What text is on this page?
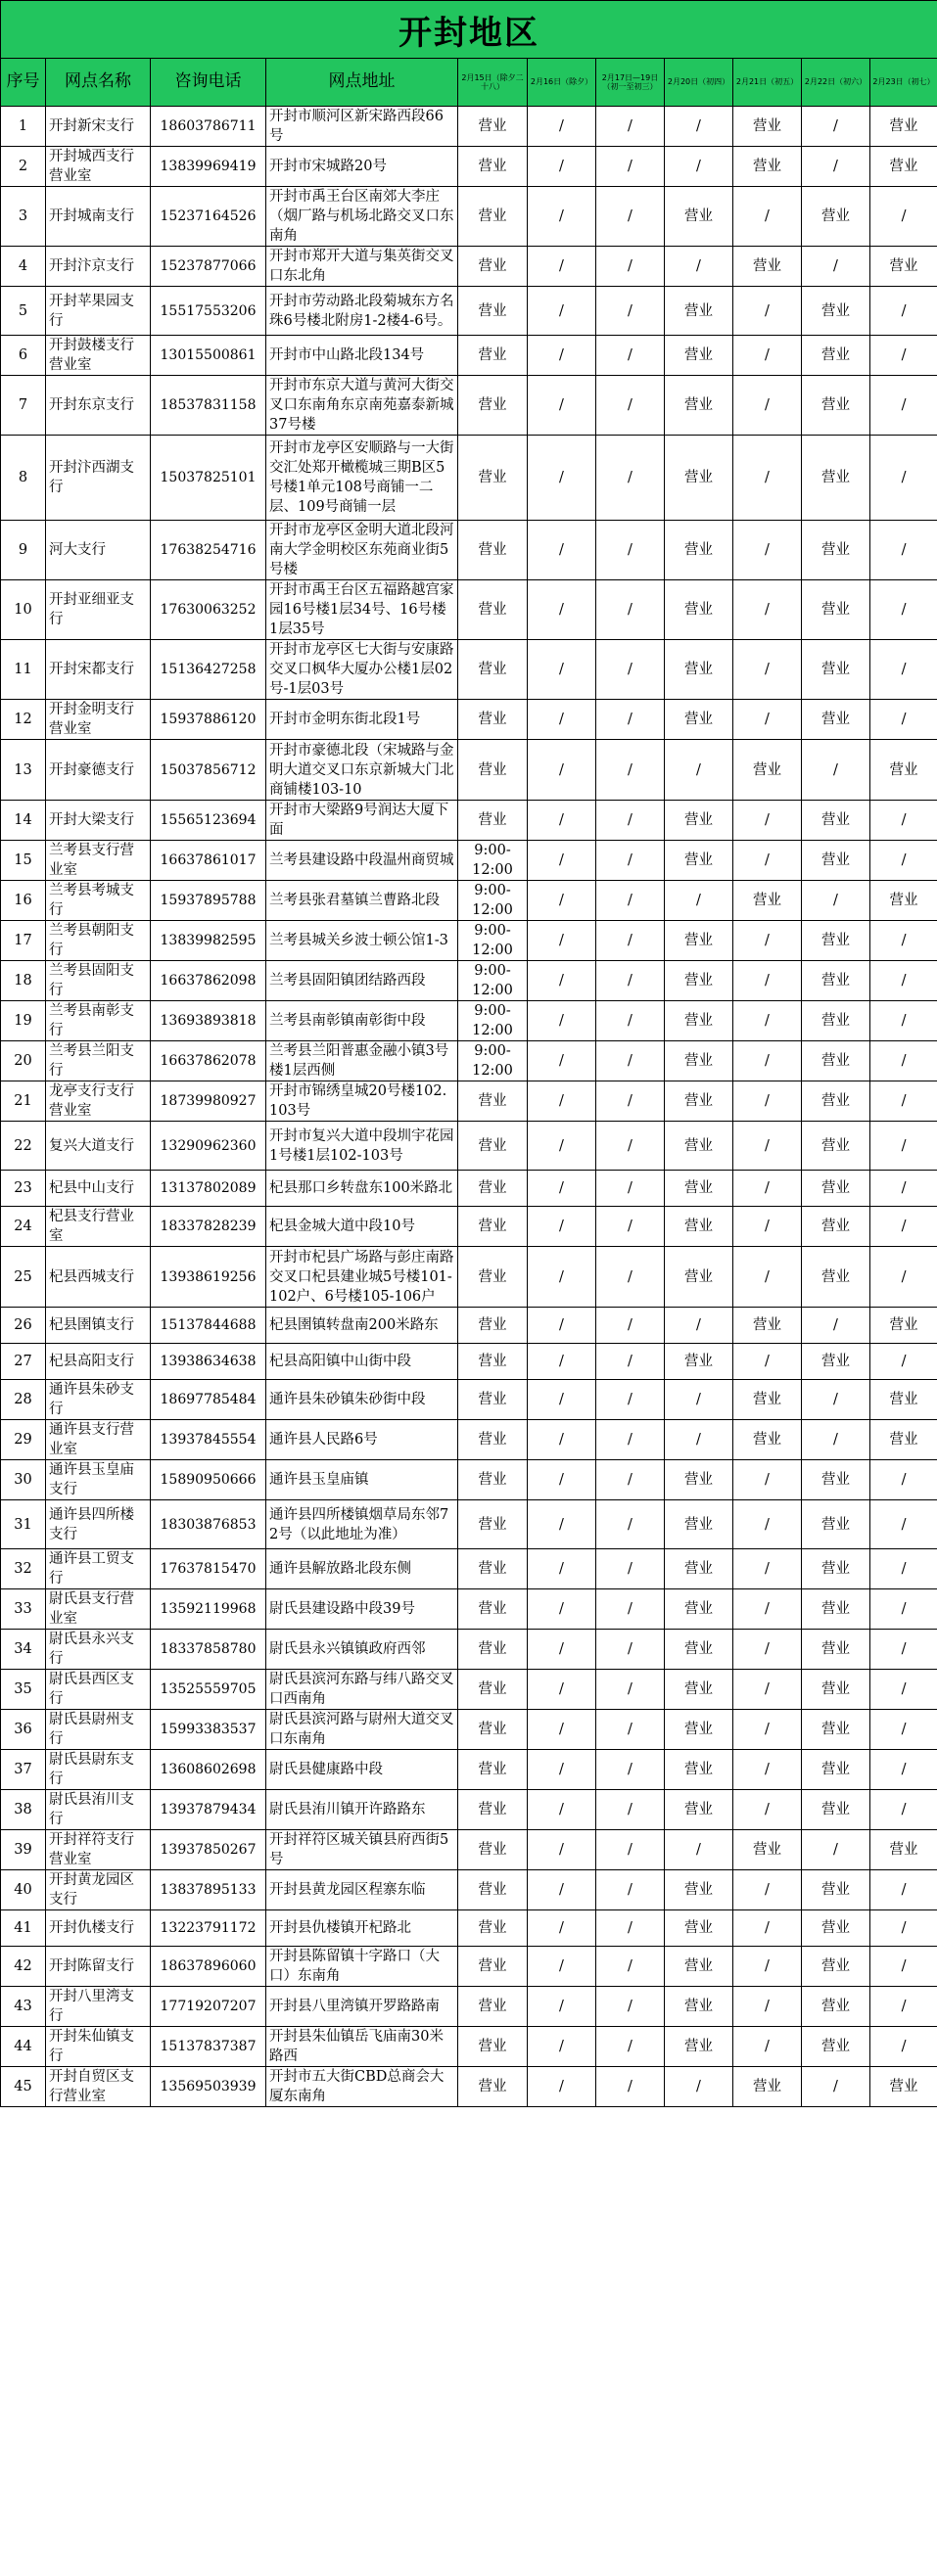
开封地区										
序号	网点名称	咨询电话	网点地址	2月15日（除夕二十八）	2月16日（除夕）	2月17日—19日（初一至初三）	2月20日（初四）	2月21日（初五）	2月22日（初六）	2月23日（初七）
1	开封新宋支行	18603786711	开封市顺河区新宋路西段66号	营业	/	/	/	营业	/	营业
2	开封城西支行营业室	13839969419	开封市宋城路20号	营业	/	/	/	营业	/	营业
3	开封城南支行	15237164526	开封市禹王台区南郊大李庄（烟厂路与机场北路交叉口东南角	营业	/	/	营业	/	营业	/
4	开封汴京支行	15237877066	开封市郑开大道与集英街交叉口东北角	营业	/	/	/	营业	/	营业
5	开封苹果园支行	15517553206	开封市劳动路北段菊城东方名珠6号楼北附房1-2楼4-6号。	营业	/	/	营业	/	营业	/
6	开封鼓楼支行营业室	13015500861	开封市中山路北段134号	营业	/	/	营业	/	营业	/
7	开封东京支行	18537831158	开封市东京大道与黄河大街交叉口东南角东京南苑嘉泰新城37号楼	营业	/	/	营业	/	营业	/
8	开封汴西湖支行	15037825101	开封市龙亭区安顺路与一大街交汇处郑开橄榄城三期B区5号楼1单元108号商铺一二层、109号商铺一层	营业	/	/	营业	/	营业	/
9	河大支行	17638254716	开封市龙亭区金明大道北段河南大学金明校区东苑商业街5号楼	营业	/	/	营业	/	营业	/
10	开封亚细亚支行	17630063252	开封市禹王台区五福路越宫家园16号楼1层34号、16号楼1层35号	营业	/	/	营业	/	营业	/
11	开封宋都支行	15136427258	开封市龙亭区七大街与安康路交叉口枫华大厦办公楼1层02号-1层03号	营业	/	/	营业	/	营业	/
12	开封金明支行营业室	15937886120	开封市金明东街北段1号	营业	/	/	营业	/	营业	/
13	开封豪德支行	15037856712	开封市豪德北段（宋城路与金明大道交叉口东京新城大门北商铺楼103-10	营业	/	/	/	营业	/	营业
14	开封大梁支行	15565123694	开封市大梁路9号润达大厦下面	营业	/	/	营业	/	营业	/
15	兰考县支行营业室	16637861017	兰考县建设路中段温州商贸城	9:00-12:00	/	/	营业	/	营业	/
16	兰考县考城支行	15937895788	兰考县张君墓镇兰曹路北段	9:00-12:00	/	/	/	营业	/	营业
17	兰考县朝阳支行	13839982595	兰考县城关乡波士顿公馆1-3	9:00-12:00	/	/	营业	/	营业	/
18	兰考县固阳支行	16637862098	兰考县固阳镇团结路西段	9:00-12:00	/	/	营业	/	营业	/
19	兰考县南彰支行	13693893818	兰考县南彰镇南彰街中段	9:00-12:00	/	/	营业	/	营业	/
20	兰考县兰阳支行	16637862078	兰考县兰阳普惠金融小镇3号楼1层西侧	9:00-12:00	/	/	营业	/	营业	/
21	龙亭支行支行营业室	18739980927	开封市锦绣皇城20号楼102.103号	营业	/	/	营业	/	营业	/
22	复兴大道支行	13290962360	开封市复兴大道中段圳宇花园1号楼1层102-103号	营业	/	/	营业	/	营业	/
23	杞县中山支行	13137802089	杞县那口乡转盘东100米路北	营业	/	/	营业	/	营业	/
24	杞县支行营业室	18337828239	杞县金城大道中段10号	营业	/	/	营业	/	营业	/
25	杞县西城支行	13938619256	开封市杞县广场路与彭庄南路交叉口杞县建业城5号楼101-102户、6号楼105-106户	营业	/	/	营业	/	营业	/
26	杞县圉镇支行	15137844688	杞县圉镇转盘南200米路东	营业	/	/	/	营业	/	营业
27	杞县高阳支行	13938634638	杞县高阳镇中山街中段	营业	/	/	营业	/	营业	/
28	通许县朱砂支行	18697785484	通许县朱砂镇朱砂街中段	营业	/	/	/	营业	/	营业
29	通许县支行营业室	13937845554	通许县人民路6号	营业	/	/	/	营业	/	营业
30	通许县玉皇庙支行	15890950666	通许县玉皇庙镇	营业	/	/	营业	/	营业	/
31	通许县四所楼支行	18303876853	通许县四所楼镇烟草局东邻72号（以此地址为准）	营业	/	/	营业	/	营业	/
32	通许县工贸支行	17637815470	通许县解放路北段东侧	营业	/	/	营业	/	营业	/
33	尉氏县支行营业室	13592119968	尉氏县建设路中段39号	营业	/	/	营业	/	营业	/
34	尉氏县永兴支行	18337858780	尉氏县永兴镇镇政府西邻	营业	/	/	营业	/	营业	/
35	尉氏县西区支行	13525559705	尉氏县滨河东路与纬八路交叉口西南角	营业	/	/	营业	/	营业	/
36	尉氏县尉州支行	15993383537	尉氏县滨河路与尉州大道交叉口东南角	营业	/	/	营业	/	营业	/
37	尉氏县尉东支行	13608602698	尉氏县健康路中段	营业	/	/	营业	/	营业	/
38	尉氏县洧川支行	13937879434	尉氏县洧川镇开许路路东	营业	/	/	营业	/	营业	/
39	开封祥符支行营业室	13937850267	开封祥符区城关镇县府西街5号	营业	/	/	/	营业	/	营业
40	开封黄龙园区支行	13837895133	开封县黄龙园区程寨东临	营业	/	/	营业	/	营业	/
41	开封仇楼支行	13223791172	开封县仇楼镇开杞路北	营业	/	/	营业	/	营业	/
42	开封陈留支行	18637896060	开封县陈留镇十字路口（大口）东南角	营业	/	/	营业	/	营业	/
43	开封八里湾支行	17719207207	开封县八里湾镇开罗路路南	营业	/	/	营业	/	营业	/
44	开封朱仙镇支行	15137837387	开封县朱仙镇岳飞庙南30米路西	营业	/	/	营业	/	营业	/
45	开封自贸区支行营业室	13569503939	开封市五大街CBD总商会大厦东南角	营业	/	/	/	营业	/	营业
